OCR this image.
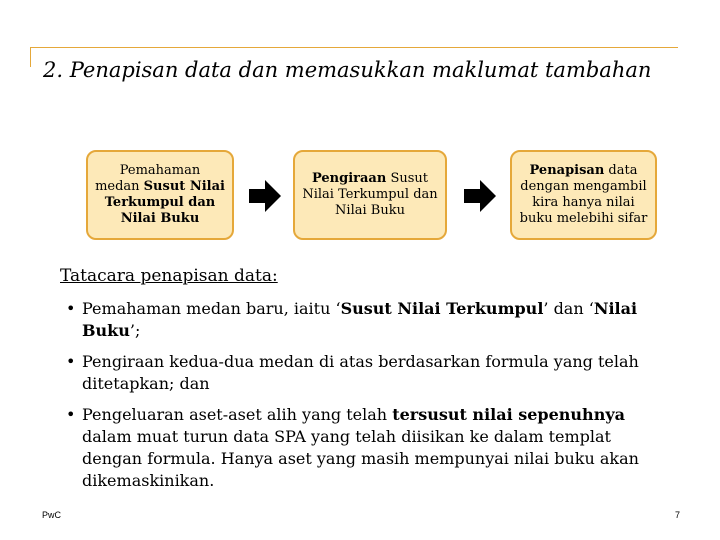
2. Penapisan data dan memasukkan maklumat tambahan
Pemahaman
medan Susut Nilai Terkumpul dan Nilai Buku
Pengiraan Susut Nilai Terkumpul dan Nilai Buku
Penapisan data dengan mengambil kira hanya nilai buku melebihi sifar
Tatacara penapisan data:
• Pemahaman medan baru, iaitu ‘Susut Nilai Terkumpul’ dan ‘Nilai Buku’;
• Pengiraan kedua-dua medan di atas berdasarkan formula yang telah ditetapkan; dan
• Pengeluaran aset-aset alih yang telah tersusut nilai sepenuhnya dalam muat turun data SPA yang telah diisikan ke dalam templat dengan formula. Hanya aset yang masih mempunyai nilai buku akan dikemaskinikan.
PwC	7
